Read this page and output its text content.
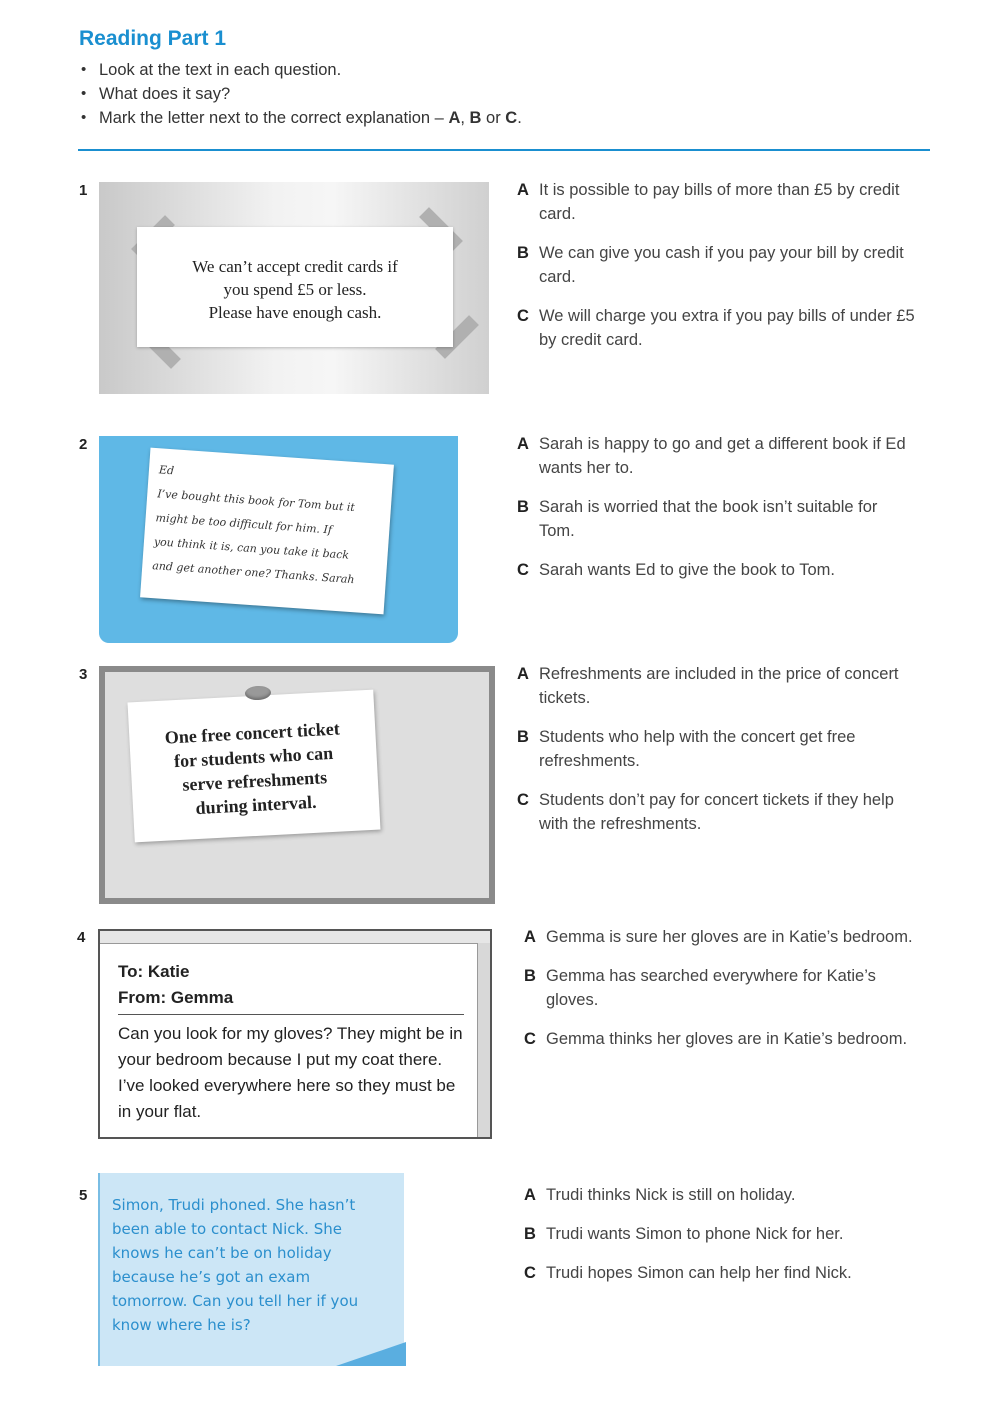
Reading Part 1
• Look at the text in each question.
• What does it say?
• Mark the letter next to the correct explanation – A, B or C.
1
We can’t accept credit cards if
you spend £5 or less.
Please have enough cash.
A It is possible to pay bills of more than £5 by credit card.
B We can give you cash if you pay your bill by credit card.
C We will charge you extra if you pay bills of under £5 by credit card.
2
Ed
I’ve bought this book for Tom but it
might be too difficult for him. If
you think it is, can you take it back
and get another one? Thanks. Sarah
A Sarah is happy to go and get a different book if Ed wants her to.
B Sarah is worried that the book isn’t suitable for Tom.
C Sarah wants Ed to give the book to Tom.
3
One free concert ticket
for students who can
serve refreshments
during interval.
A Refreshments are included in the price of concert tickets.
B Students who help with the concert get free refreshments.
C Students don’t pay for concert tickets if they help with the refreshments.
4
To: Katie
From: Gemma
Can you look for my gloves? They might be in your bedroom because I put my coat there. I’ve looked everywhere here so they must be in your flat.
A Gemma is sure her gloves are in Katie’s bedroom.
B Gemma has searched everywhere for Katie’s gloves.
C Gemma thinks her gloves are in Katie’s bedroom.
5
Simon, Trudi phoned. She hasn’t
been able to contact Nick. She
knows he can’t be on holiday
because he’s got an exam
tomorrow. Can you tell her if you
know where he is?
A Trudi thinks Nick is still on holiday.
B Trudi wants Simon to phone Nick for her.
C Trudi hopes Simon can help her find Nick.
